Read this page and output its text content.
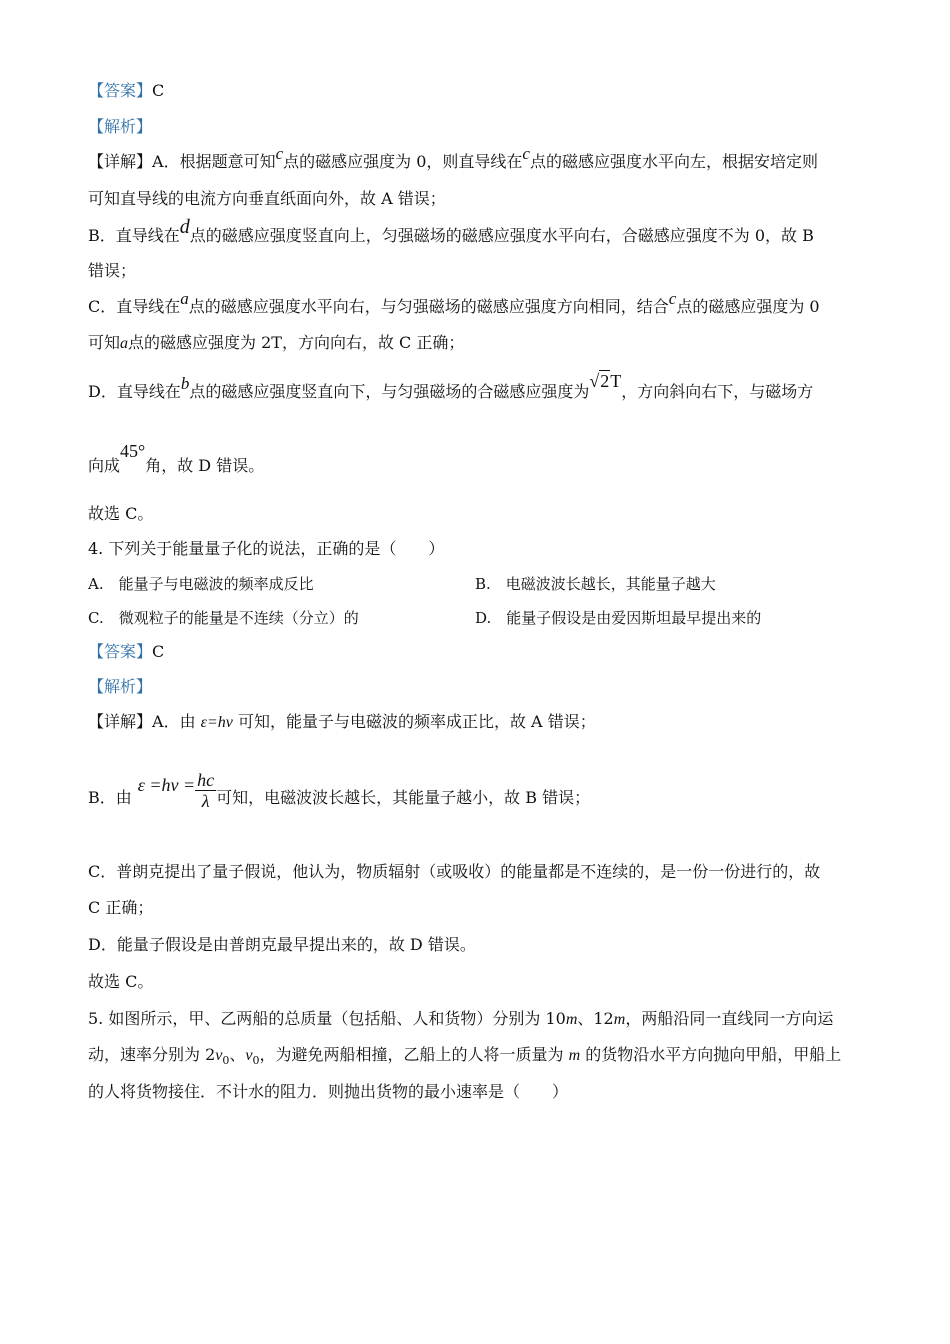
【答案】C
【解析】
【详解】A．根据题意可知c点的磁感应强度为 0，则直导线在c点的磁感应强度水平向左，根据安培定则
可知直导线的电流方向垂直纸面向外，故 A 错误；
B．直导线在d点的磁感应强度竖直向上，匀强磁场的磁感应强度水平向右，合磁感应强度不为 0，故 B
错误；
C．直导线在a点的磁感应强度水平向右，与匀强磁场的磁感应强度方向相同，结合c点的磁感应强度为 0
可知a点的磁感应强度为 2T，方向向右，故 C 正确；
D．直导线在b点的磁感应强度竖直向下，与匀强磁场的合磁感应强度为√2T，方向斜向右下，与磁场方
向成45°角，故 D 错误。
故选 C。
4. 下列关于能量量子化的说法，正确的是（　　）
A.　能量子与电磁波的频率成反比	B.　电磁波波长越长，其能量子越大
C.　微观粒子的能量是不连续（分立）的	D.　能量子假设是由爱因斯坦最早提出来的
【答案】C
【解析】
【详解】A．由 ε=hν 可知，能量子与电磁波的频率成正比，故 A 错误；
B．由$\varepsilon =h\nu = \frac{hc}{\lambda}$ 可知，电磁波波长越长，其能量子越小，故 B 错误；
C．普朗克提出了量子假说，他认为，物质辐射（或吸收）的能量都是不连续的，是一份一份进行的，故
C 正确；
D．能量子假设是由普朗克最早提出来的，故 D 错误。
故选 C。
5. 如图所示，甲、乙两船的总质量（包括船、人和货物）分别为 10m、12m，两船沿同一直线同一方向运
动，速率分别为 $2v_0$、$v_0$，为避免两船相撞，乙船上的人将一质量为 m 的货物沿水平方向抛向甲船，甲船上
的人将货物接住．不计水的阻力．则抛出货物的最小速率是（　　）
